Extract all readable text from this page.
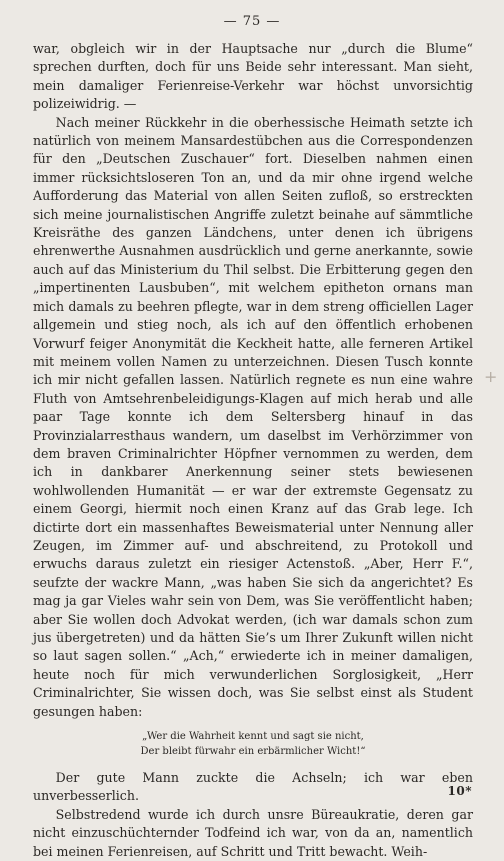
— 75 —

war, obgleich wir in der Hauptsache nur „durch die Blume“ sprechen durften, doch für uns Beide sehr interessant. Man sieht, mein damaliger Ferienreise-Verkehr war höchst unvorsichtig polizeiwidrig. —

Nach meiner Rückkehr in die oberhessische Heimath setzte ich natürlich von meinem Mansardestübchen aus die Correspondenzen für den „Deutschen Zuschauer“ fort. Dieselben nahmen einen immer rücksichtsloseren Ton an, und da mir ohne irgend welche Aufforderung das Material von allen Seiten zufloß, so erstreckten sich meine journalistischen Angriffe zuletzt beinahe auf sämmtliche Kreisräthe des ganzen Ländchens, unter denen ich übrigens ehrenwerthe Ausnahmen ausdrücklich und gerne anerkannte, sowie auch auf das Ministerium du Thil selbst. Die Erbitterung gegen den „impertinenten Lausbuben“, mit welchem epitheton ornans man mich damals zu beehren pflegte, war in dem streng officiellen Lager allgemein und stieg noch, als ich auf den öffentlich erhobenen Vorwurf feiger Anonymität die Keckheit hatte, alle ferneren Artikel mit meinem vollen Namen zu unterzeichnen. Diesen Tusch konnte ich mir nicht gefallen lassen. Natürlich regnete es nun eine wahre Fluth von Amtsehrenbeleidigungs-Klagen auf mich herab und alle paar Tage konnte ich dem Seltersberg hinauf in das Provinzialarresthaus wandern, um daselbst im Verhörzimmer von dem braven Criminalrichter Höpfner vernommen zu werden, dem ich in dankbarer Anerkennung seiner stets bewiesenen wohlwollenden Humanität — er war der extremste Gegensatz zu einem Georgi, hiermit noch einen Kranz auf das Grab lege. Ich dictirte dort ein massenhaftes Beweismaterial unter Nennung aller Zeugen, im Zimmer auf- und abschreitend, zu Protokoll und erwuchs daraus zuletzt ein riesiger Actenstoß. „Aber, Herr F.“, seufzte der wackre Mann, „was haben Sie sich da angerichtet? Es mag ja gar Vieles wahr sein von Dem, was Sie veröffentlicht haben; aber Sie wollen doch Advokat werden, (ich war damals schon zum jus übergetreten) und da hätten Sie’s um Ihrer Zukunft willen nicht so laut sagen sollen.“ „Ach,“ erwiederte ich in meiner damaligen, heute noch für mich verwunderlichen Sorglosigkeit, „Herr Criminalrichter, Sie wissen doch, was Sie selbst einst als Student gesungen haben:

„Wer die Wahrheit kennt und sagt sie nicht,
Der bleibt fürwahr ein erbärmlicher Wicht!“

Der gute Mann zuckte die Achseln; ich war eben unverbesserlich.

Selbstredend wurde ich durch unsre Büreaukratie, deren gar nicht einzuschüchternder Todfeind ich war, von da an, namentlich bei meinen Ferienreisen, auf Schritt und Tritt bewacht. Weih-

+
10*
